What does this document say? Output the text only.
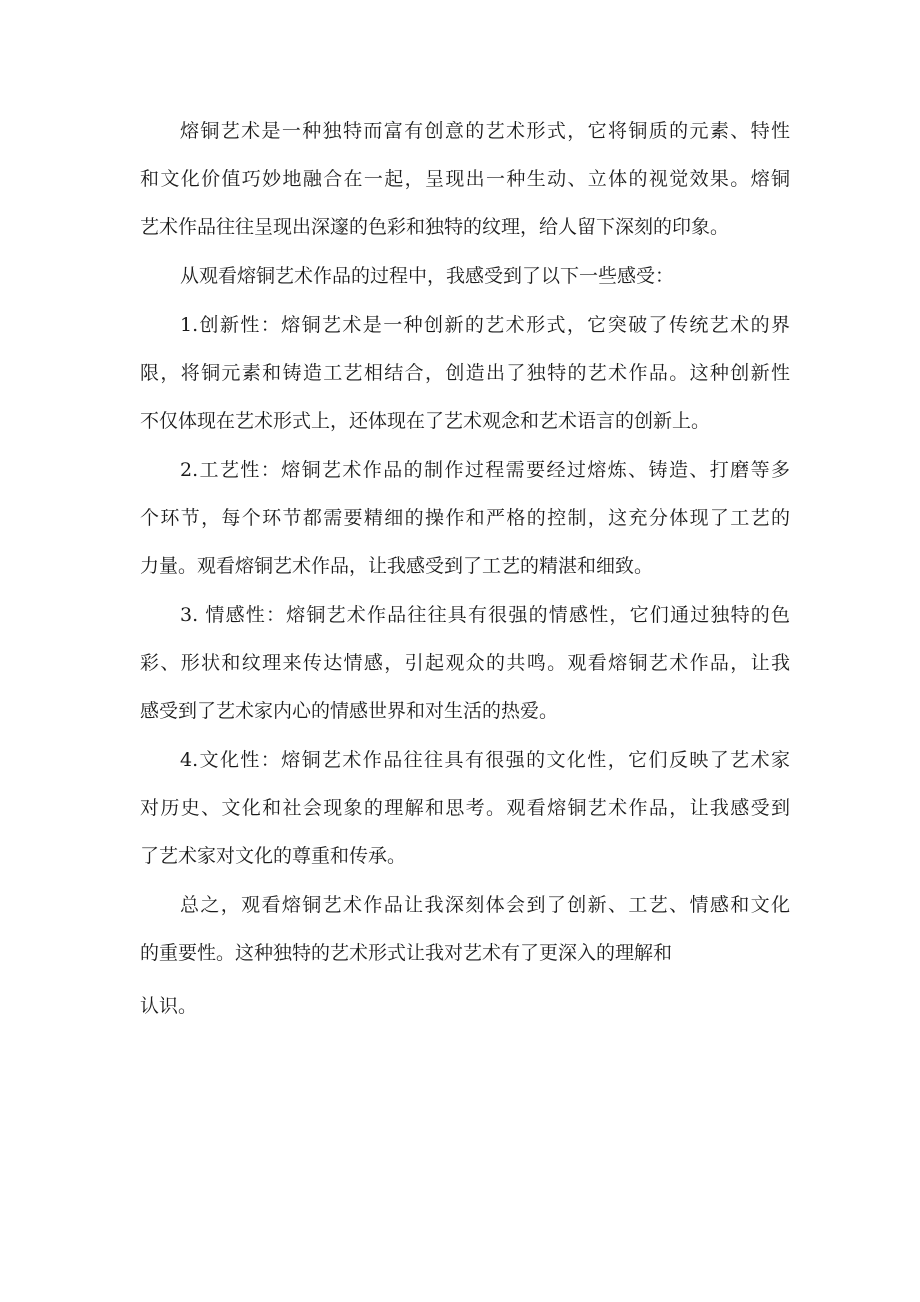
熔铜艺术是一种独特而富有创意的艺术形式，它将铜质的元素、特性
和文化价值巧妙地融合在一起，呈现出一种生动、立体的视觉效果。熔铜
艺术作品往往呈现出深邃的色彩和独特的纹理，给人留下深刻的印象。
从观看熔铜艺术作品的过程中，我感受到了以下一些感受：
1.创新性：熔铜艺术是一种创新的艺术形式，它突破了传统艺术的界
限，将铜元素和铸造工艺相结合，创造出了独特的艺术作品。这种创新性
不仅体现在艺术形式上，还体现在了艺术观念和艺术语言的创新上。
2.工艺性：熔铜艺术作品的制作过程需要经过熔炼、铸造、打磨等多
个环节，每个环节都需要精细的操作和严格的控制，这充分体现了工艺的
力量。观看熔铜艺术作品，让我感受到了工艺的精湛和细致。
3. 情感性：熔铜艺术作品往往具有很强的情感性，它们通过独特的色
彩、形状和纹理来传达情感，引起观众的共鸣。观看熔铜艺术作品，让我
感受到了艺术家内心的情感世界和对生活的热爱。
4.文化性：熔铜艺术作品往往具有很强的文化性，它们反映了艺术家
对历史、文化和社会现象的理解和思考。观看熔铜艺术作品，让我感受到
了艺术家对文化的尊重和传承。
总之，观看熔铜艺术作品让我深刻体会到了创新、工艺、情感和文化
的重要性。这种独特的艺术形式让我对艺术有了更深入的理解和
认识。
